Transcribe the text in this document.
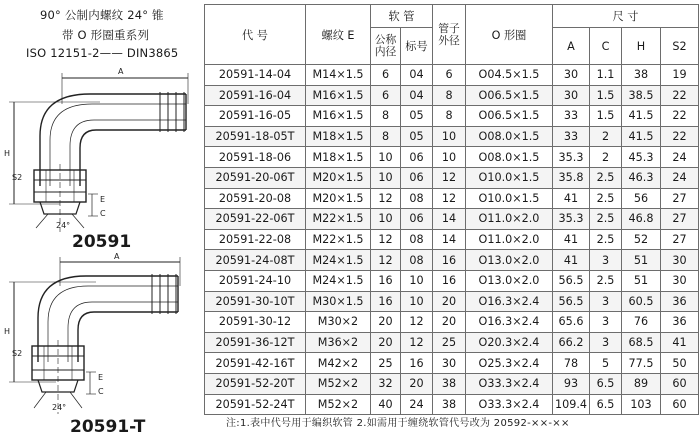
90° 公制内螺纹 24° 锥
带 O 形圈重系列
ISO 12151-2—— DIN3865
A
H
S2
E
C
24°
20591
A
H
S2
E
C
24°
20591-T
代 号	螺纹 E	软 管		管子外径	O 形圈	尺 寸			
		公称内径	标号			A	C	H	S2
20591-14-04	M14×1.5	6	04	6	O04.5×1.5	30	1.1	38	19
20591-16-04	M16×1.5	6	04	8	O06.5×1.5	30	1.5	38.5	22
20591-16-05	M16×1.5	8	05	8	O06.5×1.5	33	1.5	41.5	22
20591-18-05T	M18×1.5	8	05	10	O08.0×1.5	33	2	41.5	22
20591-18-06	M18×1.5	10	06	10	O08.0×1.5	35.3	2	45.3	24
20591-20-06T	M20×1.5	10	06	12	O10.0×1.5	35.8	2.5	46.3	24
20591-20-08	M20×1.5	12	08	12	O10.0×1.5	41	2.5	56	27
20591-22-06T	M22×1.5	10	06	14	O11.0×2.0	35.3	2.5	46.8	27
20591-22-08	M22×1.5	12	08	14	O11.0×2.0	41	2.5	52	27
20591-24-08T	M24×1.5	12	08	16	O13.0×2.0	41	3	51	30
20591-24-10	M24×1.5	16	10	16	O13.0×2.0	56.5	2.5	51	30
20591-30-10T	M30×1.5	16	10	20	O16.3×2.4	56.5	3	60.5	36
20591-30-12	M30×2	20	12	20	O16.3×2.4	65.6	3	76	36
20591-36-12T	M36×2	20	12	25	O20.3×2.4	66.2	3	68.5	41
20591-42-16T	M42×2	25	16	30	O25.3×2.4	78	5	77.5	50
20591-52-20T	M52×2	32	20	38	O33.3×2.4	93	6.5	89	60
20591-52-24T	M52×2	40	24	38	O33.3×2.4	109.4	6.5	103	60
注:1.表中代号用于编织软管 2.如需用于缠绕软管代号改为 20592-××-××
